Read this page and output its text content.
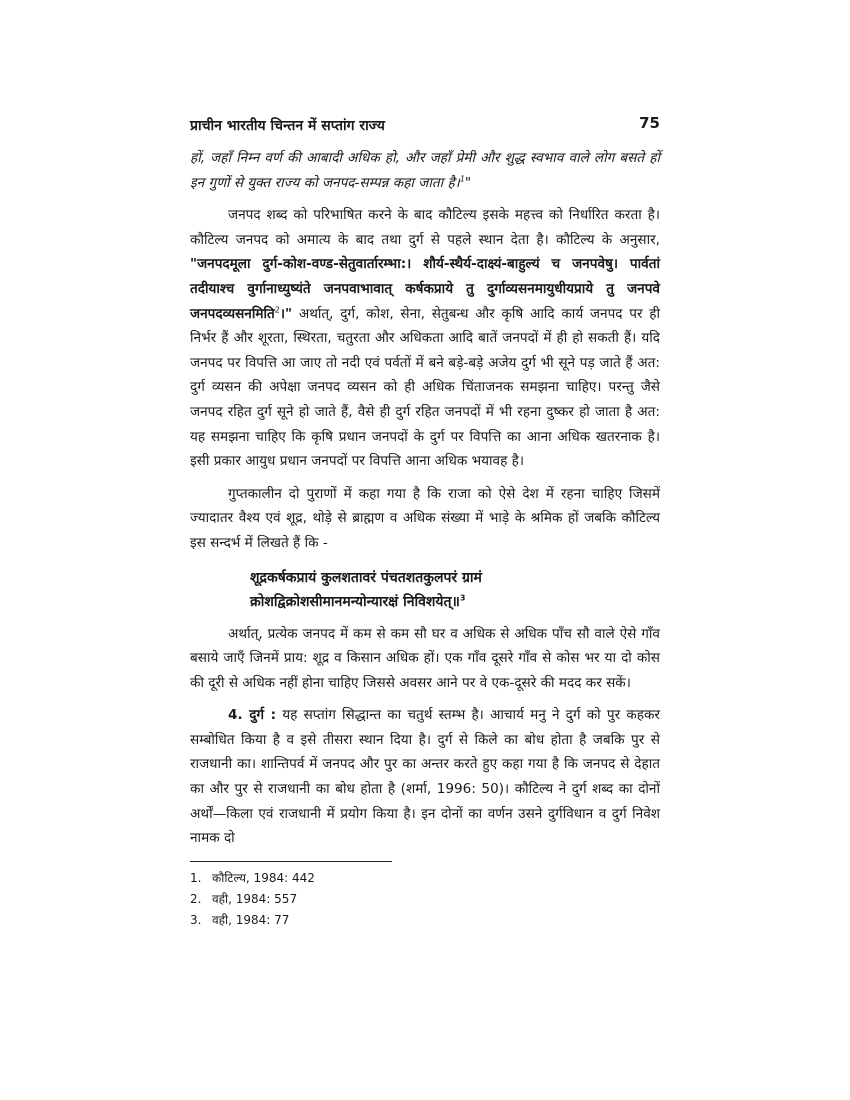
प्राचीन भारतीय चिन्तन में सप्तांग राज्य	75

हों, जहाँ निम्न वर्ण की आबादी अधिक हो, और जहाँ प्रेमी और शुद्ध स्वभाव वाले लोग बसते हों इन गुणों से युक्त राज्य को जनपद-सम्पन्न कहा जाता है।$^1$"

जनपद शब्द को परिभाषित करने के बाद कौटिल्य इसके महत्त्व को निर्धारित करता है। कौटिल्य जनपद को अमात्य के बाद तथा दुर्ग से पहले स्थान देता है। कौटिल्य के अनुसार, "जनपदमूला दुर्ग-कोश-वण्ड-सेतुवार्तारम्भा:। शौर्य-स्थैर्य-दाक्ष्यं-बाहुल्यं च जनपवेषु। पार्वतां तदीयाश्च वुर्गानाध्युष्यंते जनपवाभावात् कर्षकप्राये तु दुर्गाव्यसनमायुधीयप्राये तु जनपवे जनपदव्यसनमिति$^2$।" अर्थात्, दुर्ग, कोश, सेना, सेतुबन्ध और कृषि आदि कार्य जनपद पर ही निर्भर हैं और शूरता, स्थिरता, चतुरता और अधिकता आदि बातें जनपदों में ही हो सकती हैं। यदि जनपद पर विपत्ति आ जाए तो नदी एवं पर्वतों में बने बड़े-बड़े अजेय दुर्ग भी सूने पड़ जाते हैं अत: दुर्ग व्यसन की अपेक्षा जनपद व्यसन को ही अधिक चिंताजनक समझना चाहिए। परन्तु जैसे जनपद रहित दुर्ग सूने हो जाते हैं, वैसे ही दुर्ग रहित जनपदों में भी रहना दुष्कर हो जाता है अत: यह समझना चाहिए कि कृषि प्रधान जनपदों के दुर्ग पर विपत्ति का आना अधिक खतरनाक है। इसी प्रकार आयुध प्रधान जनपदों पर विपत्ति आना अधिक भयावह है।

गुप्तकालीन दो पुराणों में कहा गया है कि राजा को ऐसे देश में रहना चाहिए जिसमें ज्यादातर वैश्य एवं शूद्र, थोड़े से ब्राह्मण व अधिक संख्या में भाड़े के श्रमिक हों जबकि कौटिल्य इस सन्दर्भ में लिखते हैं कि -

शूद्रकर्षकप्रायं कुलशतावरं पंचतशतकुलपरं ग्रामं
क्रोशद्विक्रोशसीमानमन्योन्यारक्षं निविशयेत्॥$^3$

अर्थात्, प्रत्येक जनपद में कम से कम सौ घर व अधिक से अधिक पाँच सौ वाले ऐसे गाँव बसाये जाएँ जिनमें प्राय: शूद्र व किसान अधिक हों। एक गाँव दूसरे गाँव से कोस भर या दो कोस की दूरी से अधिक नहीं होना चाहिए जिससे अवसर आने पर वे एक-दूसरे की मदद कर सकें।

4. दुर्ग : यह सप्तांग सिद्धान्त का चतुर्थ स्तम्भ है। आचार्य मनु ने दुर्ग को पुर कहकर सम्बोधित किया है व इसे तीसरा स्थान दिया है। दुर्ग से किले का बोध होता है जबकि पुर से राजधानी का। शान्तिपर्व में जनपद और पुर का अन्तर करते हुए कहा गया है कि जनपद से देहात का और पुर से राजधानी का बोध होता है (शर्मा, 1996: 50)। कौटिल्य ने दुर्ग शब्द का दोनों अर्थों—किला एवं राजधानी में प्रयोग किया है। इन दोनों का वर्णन उसने दुर्गविधान व दुर्ग निवेश नामक दो

1. कौटिल्य, 1984: 442
2. वही, 1984: 557
3. वही, 1984: 77
